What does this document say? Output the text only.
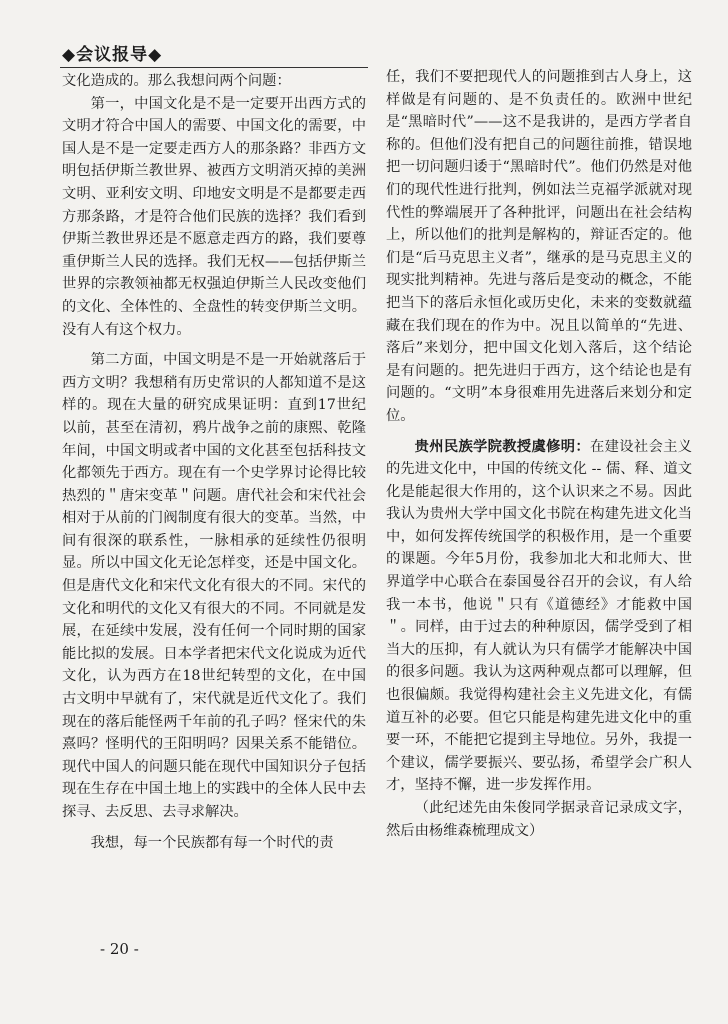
◆会议报导◆

文化造成的。那么我想问两个问题：

第一，中国文化是不是一定要开出西方式的文明才符合中国人的需要、中国文化的需要，中国人是不是一定要走西方人的那条路？非西方文明包括伊斯兰教世界、被西方文明消灭掉的美洲文明、亚利安文明、印地安文明是不是都要走西方那条路，才是符合他们民族的选择？我们看到伊斯兰教世界还是不愿意走西方的路，我们要尊重伊斯兰人民的选择。我们无权——包括伊斯兰世界的宗教领袖都无权强迫伊斯兰人民改变他们的文化、全体性的、全盘性的转变伊斯兰文明。没有人有这个权力。

第二方面，中国文明是不是一开始就落后于西方文明？我想稍有历史常识的人都知道不是这样的。现在大量的研究成果证明：直到17世纪以前，甚至在清初，鸦片战争之前的康熙、乾隆年间，中国文明或者中国的文化甚至包括科技文化都领先于西方。现在有一个史学界讨论得比较热烈的＂唐宋变革＂问题。唐代社会和宋代社会相对于从前的门阀制度有很大的变革。当然，中间有很深的联系性，一脉相承的延续性仍很明显。所以中国文化无论怎样变，还是中国文化。但是唐代文化和宋代文化有很大的不同。宋代的文化和明代的文化又有很大的不同。不同就是发展，在延续中发展，没有任何一个同时期的国家能比拟的发展。日本学者把宋代文化说成为近代文化，认为西方在18世纪转型的文化，在中国古文明中早就有了，宋代就是近代文化了。我们现在的落后能怪两千年前的孔子吗？怪宋代的朱熹吗？怪明代的王阳明吗？因果关系不能错位。现代中国人的问题只能在现代中国知识分子包括现在生存在中国土地上的实践中的全体人民中去探寻、去反思、去寻求解决。

我想，每一个民族都有每一个时代的责

任，我们不要把现代人的问题推到古人身上，这样做是有问题的、是不负责任的。欧洲中世纪是“黑暗时代”——这不是我讲的，是西方学者自称的。但他们没有把自己的问题往前推，错误地把一切问题归诿于“黑暗时代”。他们仍然是对他们的现代性进行批判，例如法兰克福学派就对现代性的弊端展开了各种批评，问题出在社会结构上，所以他们的批判是解构的，辩证否定的。他们是“后马克思主义者”，继承的是马克思主义的现实批判精神。先进与落后是变动的概念，不能把当下的落后永恒化或历史化，未来的变数就蕴藏在我们现在的作为中。况且以简单的“先进、落后”来划分，把中国文化划入落后，这个结论是有问题的。把先进归于西方，这个结论也是有问题的。“文明”本身很难用先进落后来划分和定位。

贵州民族学院教授虞修明：在建设社会主义的先进文化中，中国的传统文化 -- 儒、释、道文化是能起很大作用的，这个认识来之不易。因此我认为贵州大学中国文化书院在构建先进文化当中，如何发挥传统国学的积极作用，是一个重要的课题。今年5月份，我参加北大和北师大、世界道学中心联合在泰国曼谷召开的会议，有人给我一本书，他说＂只有《道德经》才能救中国＂。同样，由于过去的种种原因，儒学受到了相当大的压抑，有人就认为只有儒学才能解决中国的很多问题。我认为这两种观点都可以理解，但也很偏颇。我觉得构建社会主义先进文化，有儒道互补的必要。但它只能是构建先进文化中的重要一环，不能把它提到主导地位。另外，我提一个建议，儒学要振兴、要弘扬，希望学会广积人才，坚持不懈，进一步发挥作用。

（此纪述先由朱俊同学据录音记录成文字，然后由杨维森梳理成文）

- 20 -
